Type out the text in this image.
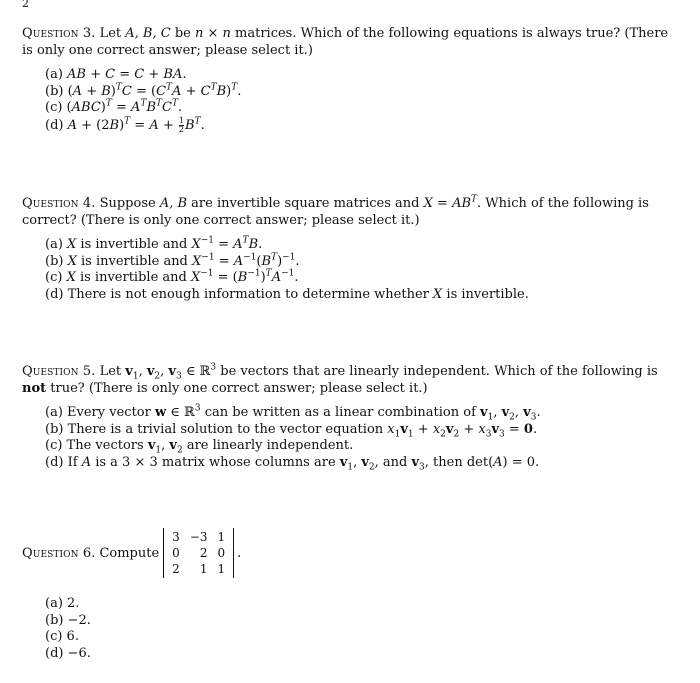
2

Question 3. Let A, B, C be n × n matrices. Which of the following equations is always true? (There is only one correct answer; please select it.)

(a) AB + C = C + BA.
(b) $(A + B)^TC = (C^TA + C^TB)^T$.
(c) $(ABC)^T = A^TB^TC^T$.
(d) $A + (2B)^T = A + \frac{1}{2} B^T$.

Question 4. Suppose A, B are invertible square matrices and $X = AB^T$. Which of the following is correct? (There is only one correct answer; please select it.)

(a) X is invertible and $X^{-1} = A^TB$.
(b) X is invertible and $X^{-1} = A^{-1}(B^T)^{-1}$.
(c) X is invertible and $X^{-1} = (B^{-1})^TA^{-1}$.
(d) There is not enough information to determine whether X is invertible.

Question 5. Let $v_1$, $v_2$, $v_3$ ∈ ℝ$^3$ be vectors that are linearly independent. Which of the following is not true? (There is only one correct answer; please select it.)

(a) Every vector w ∈ ℝ$^3$ can be written as a linear combination of $v_1$, $v_2$, $v_3$.
(b) There is a trivial solution to the vector equation $x_1v_1 + x_2v_2 + x_3v_3 = 0$.
(c) The vectors $v_1$, $v_2$ are linearly independent.
(d) If A is a 3 × 3 matrix whose columns are $v_1$, $v_2$, and $v_3$, then det(A) = 0.
Question 6. Compute
3	−3	1
0	2	0
2	1	1
.
(a) 2.
(b) −2.
(c) 6.
(d) −6.
